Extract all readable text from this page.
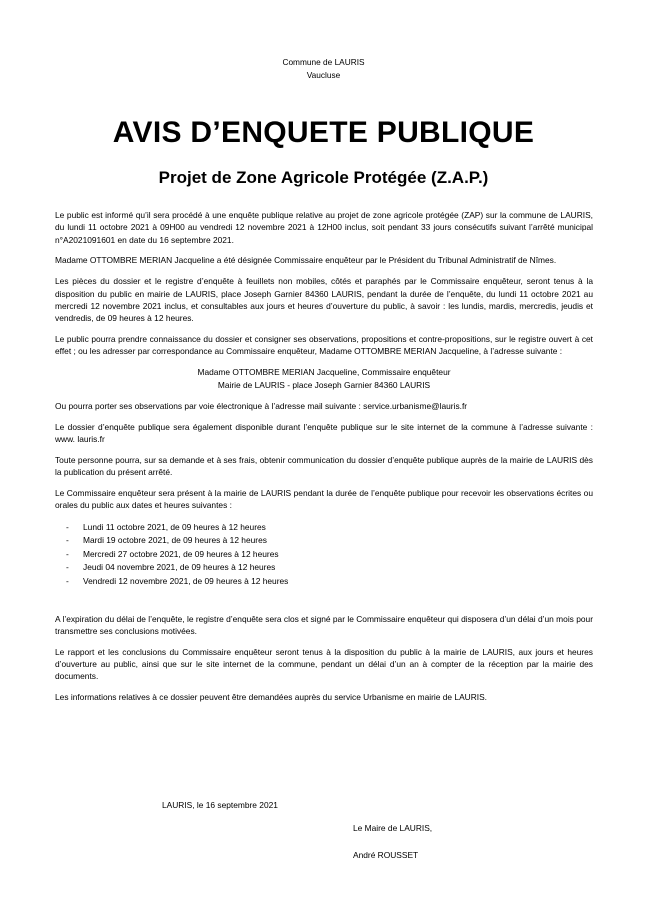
Commune de LAURIS
Vaucluse
AVIS D’ENQUETE PUBLIQUE
Projet de Zone Agricole Protégée (Z.A.P.)

Le public est informé qu’il sera procédé à une enquête publique relative au projet de zone agricole protégée (ZAP) sur la commune de LAURIS, du lundi 11 octobre 2021 à 09H00 au vendredi 12 novembre 2021 à 12H00 inclus, soit pendant 33 jours consécutifs suivant l’arrêté municipal n°A2021091601 en date du 16 septembre 2021.

Madame OTTOMBRE MERIAN Jacqueline a été désignée Commissaire enquêteur par le Président du Tribunal Administratif de Nîmes.

Les pièces du dossier et le registre d’enquête à feuillets non mobiles, côtés et paraphés par le Commissaire enquêteur, seront tenus à la disposition du public en mairie de LAURIS, place Joseph Garnier 84360 LAURIS, pendant la durée de l’enquête, du lundi 11 octobre 2021 au mercredi 12 novembre 2021 inclus, et consultables aux jours et heures d’ouverture du public, à savoir : les lundis, mardis, mercredis, jeudis et vendredis, de 09 heures à 12 heures.

Le public pourra prendre connaissance du dossier et consigner ses observations, propositions et contre-propositions, sur le registre ouvert à cet effet ; ou les adresser par correspondance au Commissaire enquêteur, Madame OTTOMBRE MERIAN Jacqueline, à l’adresse suivante :

Madame OTTOMBRE MERIAN Jacqueline, Commissaire enquêteur
Mairie de LAURIS - place Joseph Garnier 84360 LAURIS

Ou pourra porter ses observations par voie électronique à l’adresse mail suivante : service.urbanisme@lauris.fr

Le dossier d’enquête publique sera également disponible durant l’enquête publique sur le site internet de la commune à l’adresse suivante : www. lauris.fr

Toute personne pourra, sur sa demande et à ses frais, obtenir communication du dossier d’enquête publique auprès de la mairie de LAURIS dès la publication du présent arrêté.

Le Commissaire enquêteur sera présent à la mairie de LAURIS pendant la durée de l’enquête publique pour recevoir les observations écrites ou orales du public aux dates et heures suivantes :

- Lundi 11 octobre 2021, de 09 heures à 12 heures
- Mardi 19 octobre 2021, de 09 heures à 12 heures
- Mercredi 27 octobre 2021, de 09 heures à 12 heures
- Jeudi 04 novembre 2021, de 09 heures à 12 heures
- Vendredi 12 novembre 2021, de 09 heures à 12 heures

A l’expiration du délai de l’enquête, le registre d’enquête sera clos et signé par le Commissaire enquêteur qui disposera d’un délai d’un mois pour transmettre ses conclusions motivées.

Le rapport et les conclusions du Commissaire enquêteur seront tenus à la disposition du public à la mairie de LAURIS, aux jours et heures d’ouverture au public, ainsi que sur le site internet de la commune, pendant un délai d’un an à compter de la réception par la mairie des documents.

Les informations relatives à ce dossier peuvent être demandées auprès du service Urbanisme en mairie de LAURIS.

LAURIS, le 16 septembre 2021
Le Maire de LAURIS,
André ROUSSET
